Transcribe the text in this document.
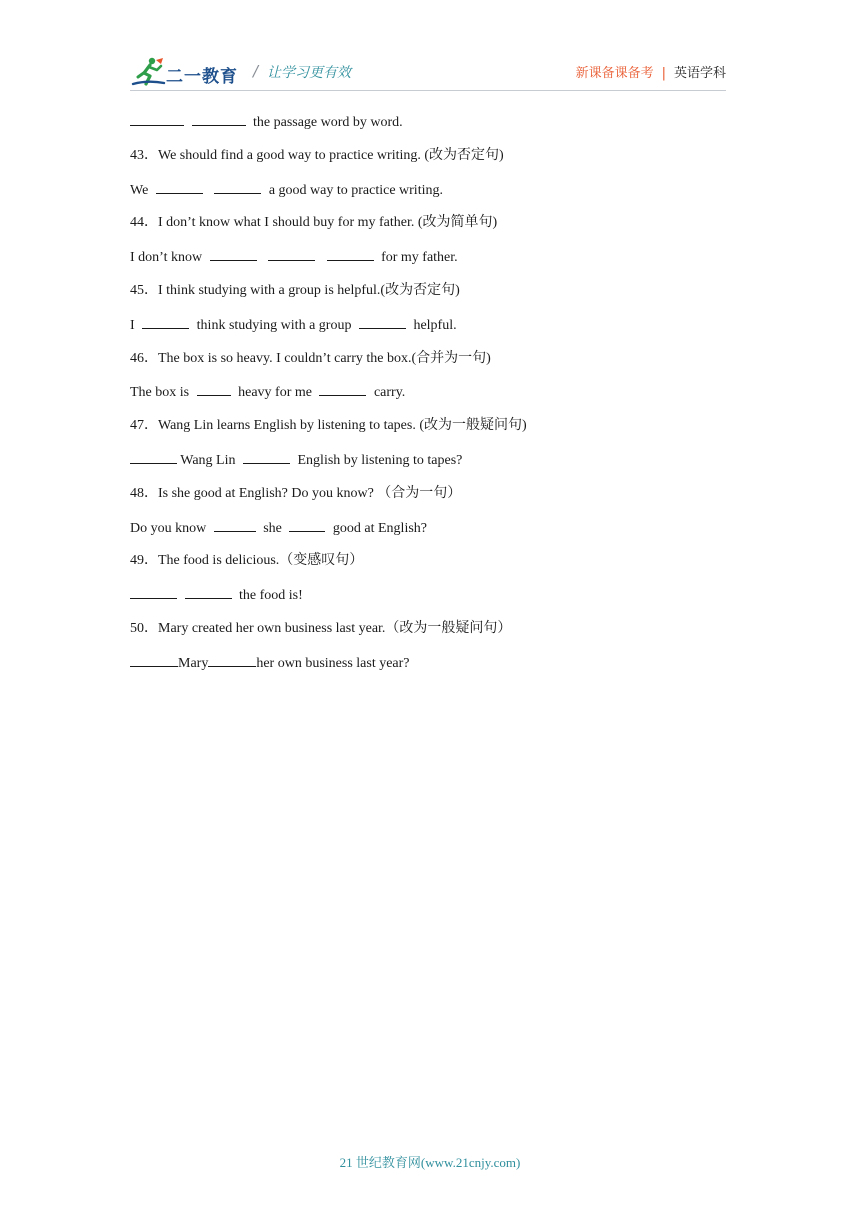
二一教育 / 让学习更有效	新课备课备考 | 英语学科
the passage word by word.
43．We should find a good way to practice writing. (改为否定句)
We	a good way to practice writing.
44．I don’t know what I should buy for my father. (改为简单句)
I don’t know	for my father.
45．I think studying with a group is helpful.(改为否定句)
I	think studying with a group	helpful.
46．The box is so heavy. I couldn’t carry the box.(合并为一句)
The box is	heavy for me	carry.
47．Wang Lin learns English by listening to tapes. (改为一般疑问句)
Wang Lin	English by listening to tapes?
48．Is she good at English? Do you know? （合为一句）
Do you know	she	good at English?
49．The food is delicious.（变感叹句）
the food is!
50．Mary created her own business last year.（改为一般疑问句）
Mary	her own business last year?
21 世纪教育网(www.21cnjy.com)
